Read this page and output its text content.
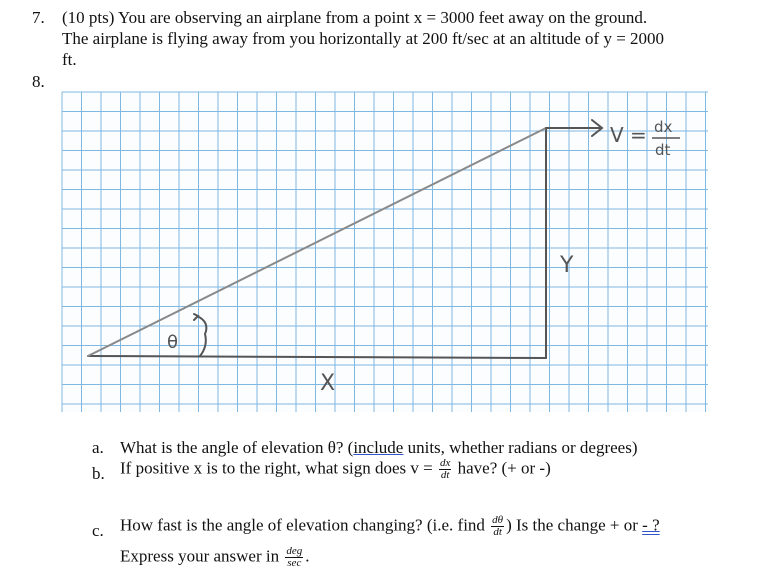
7. (10 pts) You are observing an airplane from a point x = 3000 feet away on the ground.
The airplane is flying away from you horizontally at 200 ft/sec at an altitude of y = 2000
ft.
8.
V = dx
dt
Y
X
θ
a. What is the angle of elevation θ? (include units, whether radians or degrees)
b. If positive x is to the right, what sign does $v = \frac{dx}{dt}$ have? (+ or -)
c. How fast is the angle of elevation changing? (i.e. find $\frac{d\theta}{dt}$ ) Is the change + or - ?
Express your answer in $\frac{\text{deg}}{\sec}$ .
